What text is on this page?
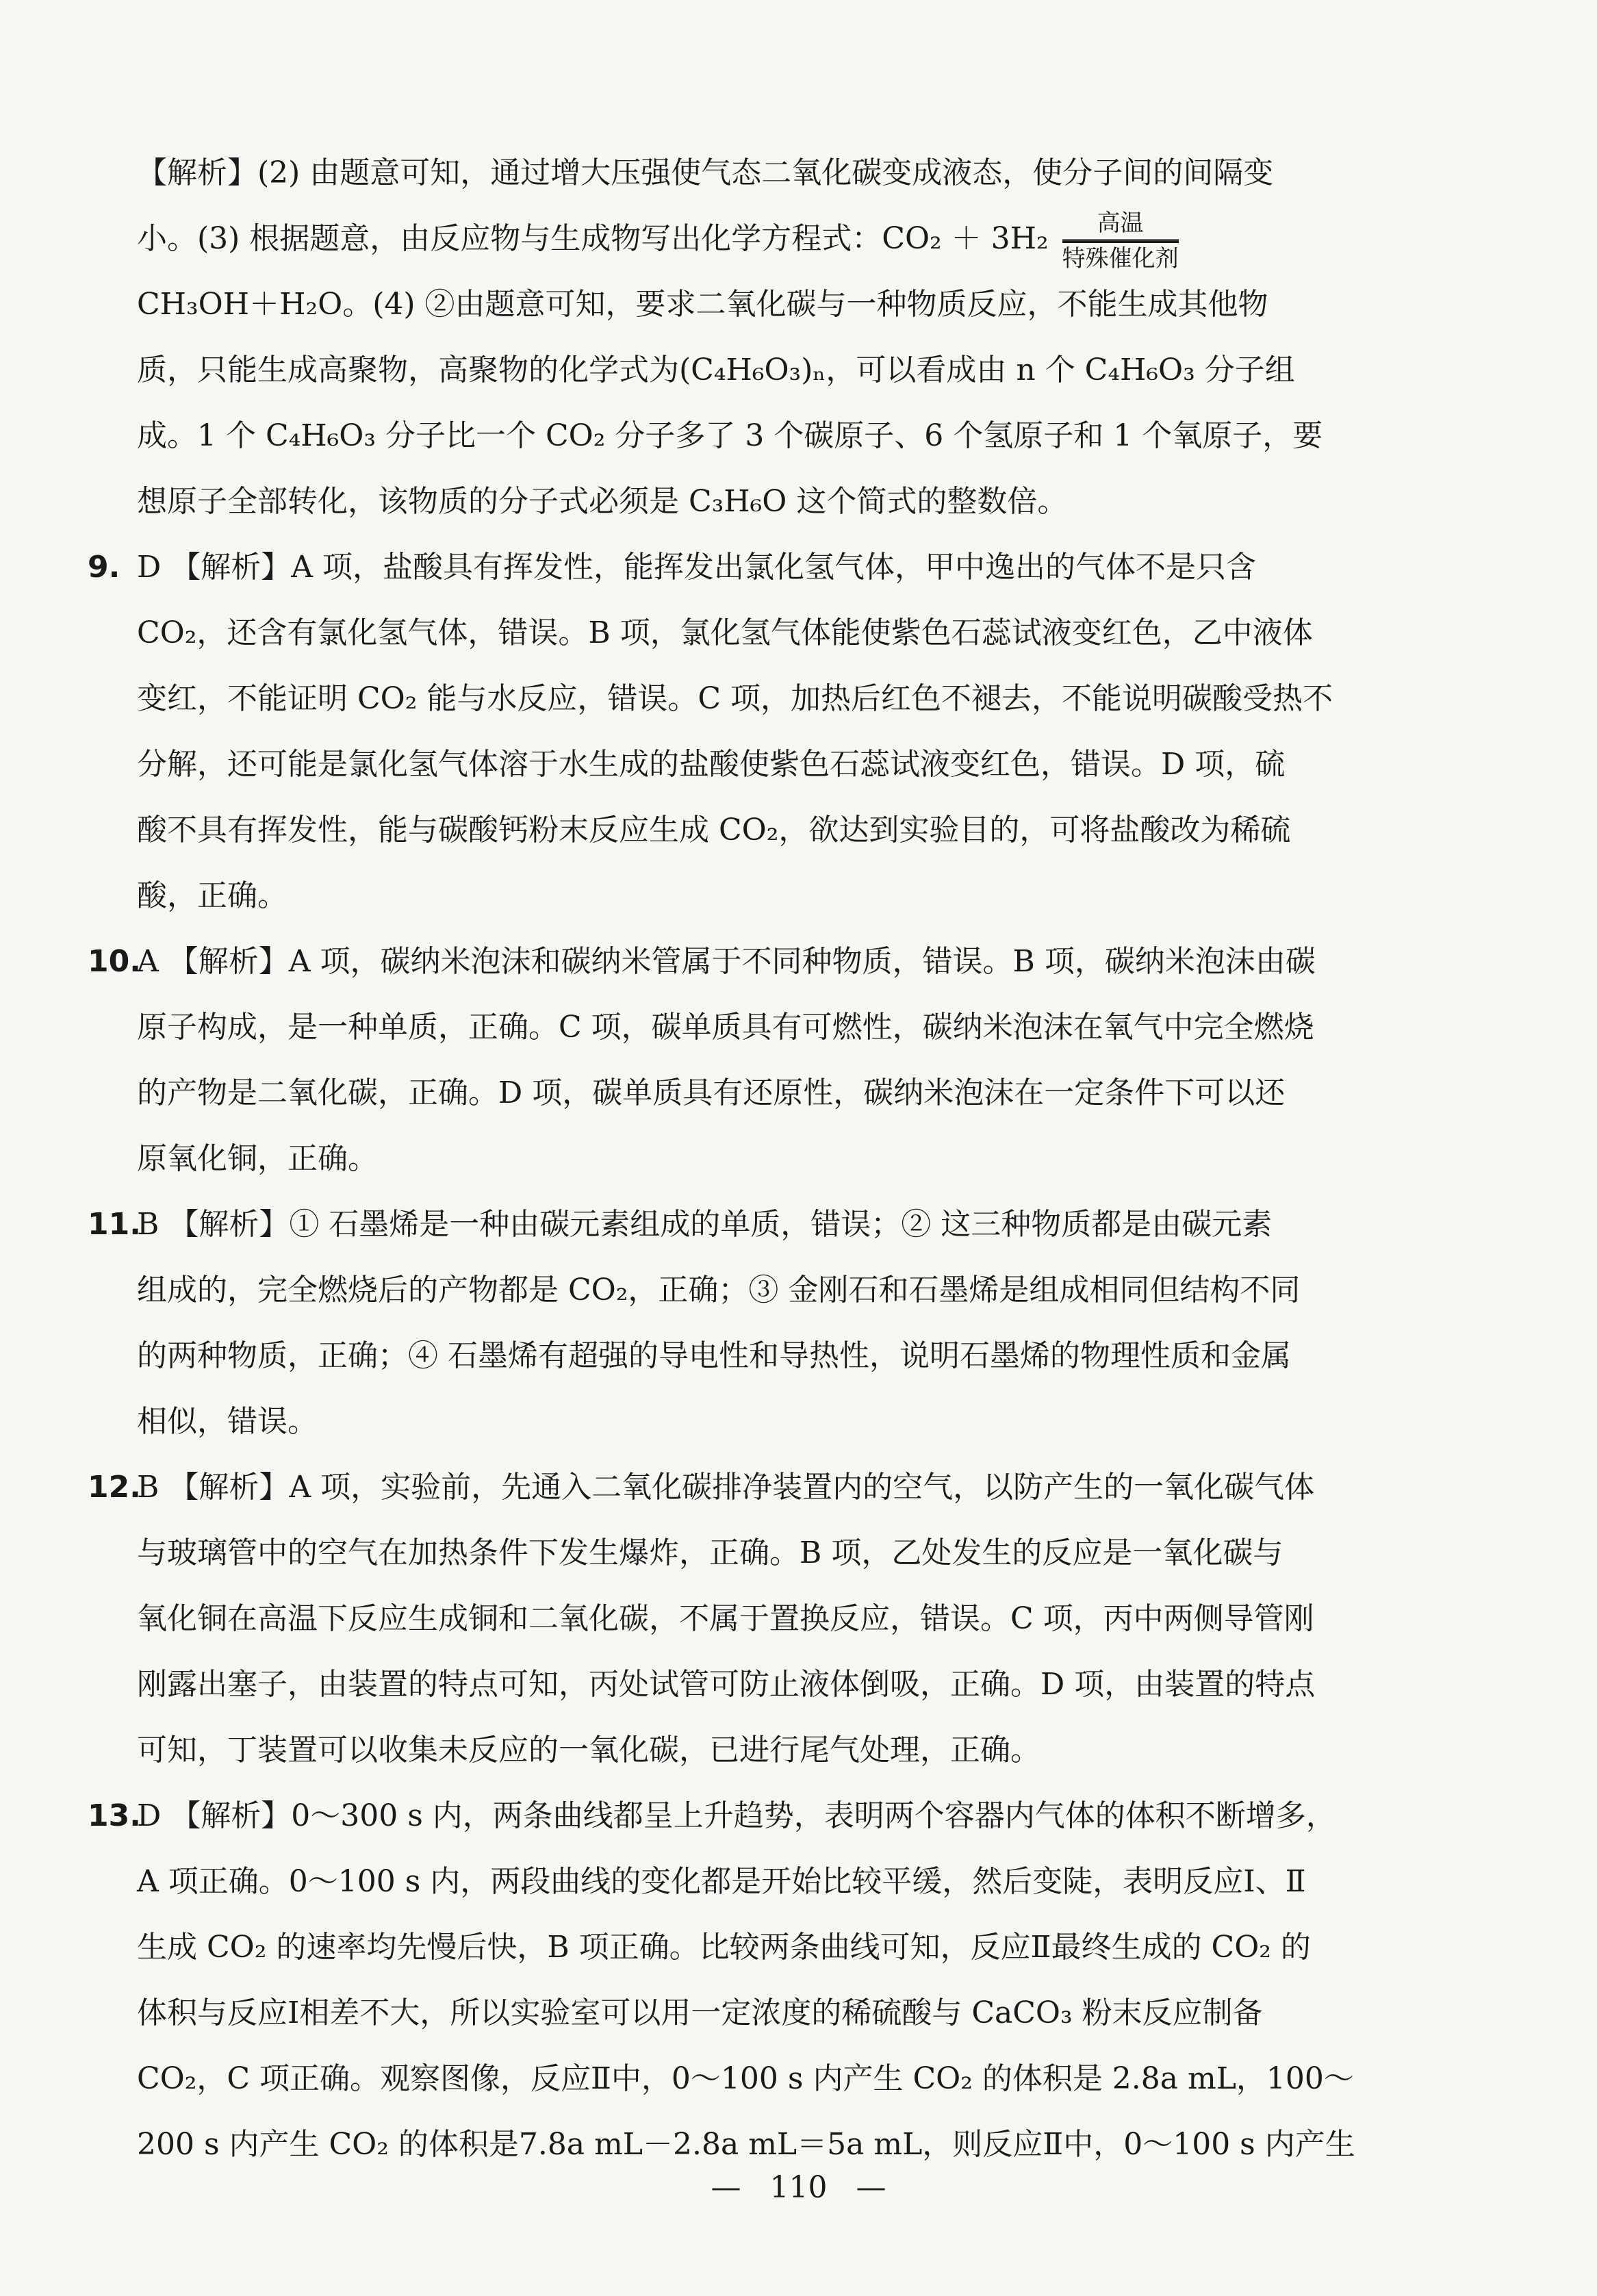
【解析】(2) 由题意可知，通过增大压强使气态二氧化碳变成液态，使分子间的间隔变
小。(3) 根据题意，由反应物与生成物写出化学方程式：CO₂ ＋ 3H₂	高温
特殊催化剂
CH₃OH＋H₂O。(4) ②由题意可知，要求二氧化碳与一种物质反应，不能生成其他物
质，只能生成高聚物，高聚物的化学式为(C₄H₆O₃)ₙ，可以看成由 n 个 C₄H₆O₃ 分子组
成。1 个 C₄H₆O₃ 分子比一个 CO₂ 分子多了 3 个碳原子、6 个氢原子和 1 个氧原子，要
想原子全部转化，该物质的分子式必须是 C₃H₆O 这个简式的整数倍。
9. D 【解析】A 项，盐酸具有挥发性，能挥发出氯化氢气体，甲中逸出的气体不是只含
CO₂，还含有氯化氢气体，错误。B 项，氯化氢气体能使紫色石蕊试液变红色，乙中液体
变红，不能证明 CO₂ 能与水反应，错误。C 项，加热后红色不褪去，不能说明碳酸受热不
分解，还可能是氯化氢气体溶于水生成的盐酸使紫色石蕊试液变红色，错误。D 项，硫
酸不具有挥发性，能与碳酸钙粉末反应生成 CO₂，欲达到实验目的，可将盐酸改为稀硫
酸，正确。
10.
A 【解析】A 项，碳纳米泡沫和碳纳米管属于不同种物质，错误。B 项，碳纳米泡沫由碳
原子构成，是一种单质，正确。C 项，碳单质具有可燃性，碳纳米泡沫在氧气中完全燃烧
的产物是二氧化碳，正确。D 项，碳单质具有还原性，碳纳米泡沫在一定条件下可以还
原氧化铜，正确。
11.
B 【解析】① 石墨烯是一种由碳元素组成的单质，错误；② 这三种物质都是由碳元素
组成的，完全燃烧后的产物都是 CO₂，正确；③ 金刚石和石墨烯是组成相同但结构不同
的两种物质，正确；④ 石墨烯有超强的导电性和导热性，说明石墨烯的物理性质和金属
相似，错误。
12.
B 【解析】A 项，实验前，先通入二氧化碳排净装置内的空气，以防产生的一氧化碳气体
与玻璃管中的空气在加热条件下发生爆炸，正确。B 项，乙处发生的反应是一氧化碳与
氧化铜在高温下反应生成铜和二氧化碳，不属于置换反应，错误。C 项，丙中两侧导管刚
刚露出塞子，由装置的特点可知，丙处试管可防止液体倒吸，正确。D 项，由装置的特点
可知，丁装置可以收集未反应的一氧化碳，已进行尾气处理，正确。
13.
D 【解析】0～300 s 内，两条曲线都呈上升趋势，表明两个容器内气体的体积不断增多，
A 项正确。0～100 s 内，两段曲线的变化都是开始比较平缓，然后变陡，表明反应Ⅰ、Ⅱ
生成 CO₂ 的速率均先慢后快，B 项正确。比较两条曲线可知，反应Ⅱ最终生成的 CO₂ 的
体积与反应Ⅰ相差不大，所以实验室可以用一定浓度的稀硫酸与 CaCO₃ 粉末反应制备
CO₂，C 项正确。观察图像，反应Ⅱ中，0～100 s 内产生 CO₂ 的体积是 2.8a mL，100～
200 s 内产生 CO₂ 的体积是7.8a mL－2.8a mL＝5a mL，则反应Ⅱ中，0～100 s 内产生
—   110   —
